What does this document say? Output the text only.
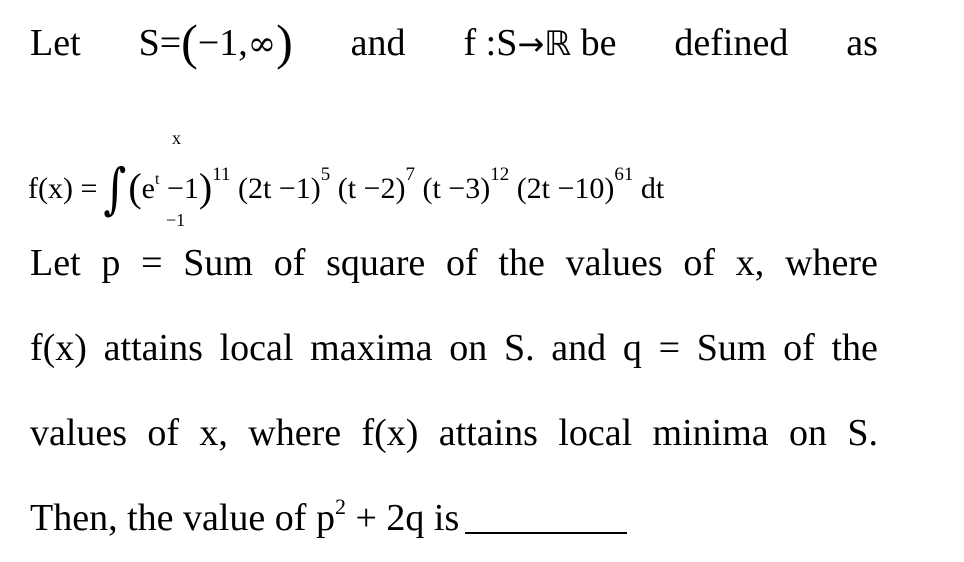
Let S=(−1,∞) and f :S→ℝ be defined as
x
−1
$f(x) = \int(e^t -1)^{11}$ $(2t -1)^5$ $(t -2)^7$ $(t -3)^{12}$ $(2t -10)^{61}$ dt
Let p = Sum of square of the values of x, where
f(x) attains local maxima on S. and q = Sum of the
values of x, where f(x) attains local minima on S.
Then, the value of $p^2 + 2q$ is
